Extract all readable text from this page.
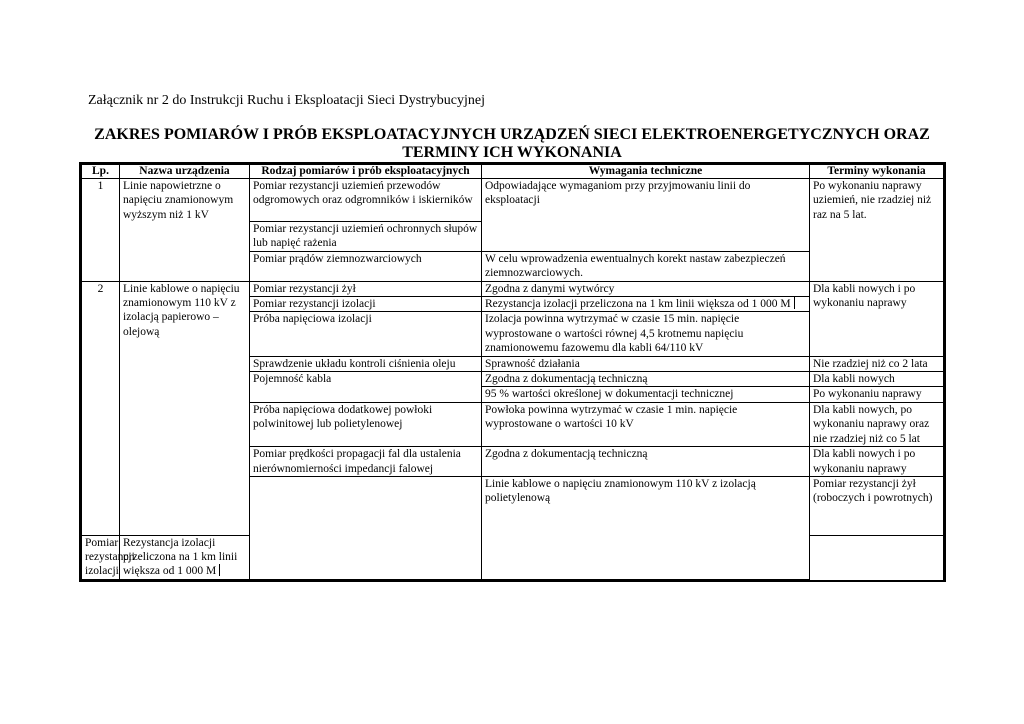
Załącznik nr 2 do Instrukcji Ruchu i Eksploatacji Sieci Dystrybucyjnej
ZAKRES POMIARÓW I PRÓB EKSPLOATACYJNYCH URZĄDZEŃ SIECI ELEKTROENERGETYCZNYCH ORAZ
TERMINY ICH WYKONANIA
Lp.	Nazwa urządzenia	Rodzaj pomiarów i prób eksploatacyjnych	Wymagania techniczne	Terminy wykonania	
1	Linie napowietrzne o napięciu znamionowym wyższym niż 1 kV	Pomiar rezystancji uziemień przewodów odgromowych oraz odgromników i iskierników	Odpowiadające wymaganiom przy przyjmowaniu linii do eksploatacji	Po wykonaniu naprawy uziemień, nie rzadziej niż raz na 5 lat.	
		Pomiar rezystancji uziemień ochronnych słupów lub napięć rażenia			
		Pomiar prądów ziemnozwarciowych	W celu wprowadzenia ewentualnych korekt nastaw zabezpieczeń ziemnozwarciowych.		
2	Linie kablowe o napięciu znamionowym 110 kV z izolacją papierowo – olejową	Pomiar rezystancji żył	Zgodna z danymi wytwórcy	Dla kabli nowych i po wykonaniu naprawy	
		Pomiar rezystancji izolacji	Rezystancja izolacji przeliczona na 1 km linii większa od 1 000 M		
		Próba napięciowa izolacji	Izolacja powinna wytrzymać w czasie 15 min. napięcie wyprostowane o wartości równej 4,5 krotnemu napięciu znamionowemu fazowemu dla kabli 64/110 kV		
		Sprawdzenie układu kontroli ciśnienia oleju	Sprawność działania	Nie rzadziej niż co 2 lata	
		Pojemność kabla	Zgodna z dokumentacją techniczną	Dla kabli nowych	
			95 % wartości określonej w dokumentacji technicznej	Po wykonaniu naprawy	
		Próba napięciowa dodatkowej powłoki polwinitowej lub polietylenowej	Powłoka powinna wytrzymać w czasie 1 min. napięcie wyprostowane o wartości 10 kV	Dla kabli nowych, po wykonaniu naprawy oraz nie rzadziej niż co 5 lat	
		Pomiar prędkości propagacji fal dla ustalenia nierównomierności impedancji falowej	Zgodna z dokumentacją techniczną	Dla kabli nowych i po wykonaniu naprawy	
			Linie kablowe o napięciu znamionowym 110 kV z izolacją polietylenową	Pomiar rezystancji żył (roboczych i powrotnych)		
Pomiar rezystancji izolacji	Rezystancja izolacji przeliczona na 1 km linii większa od 1 000 M				
